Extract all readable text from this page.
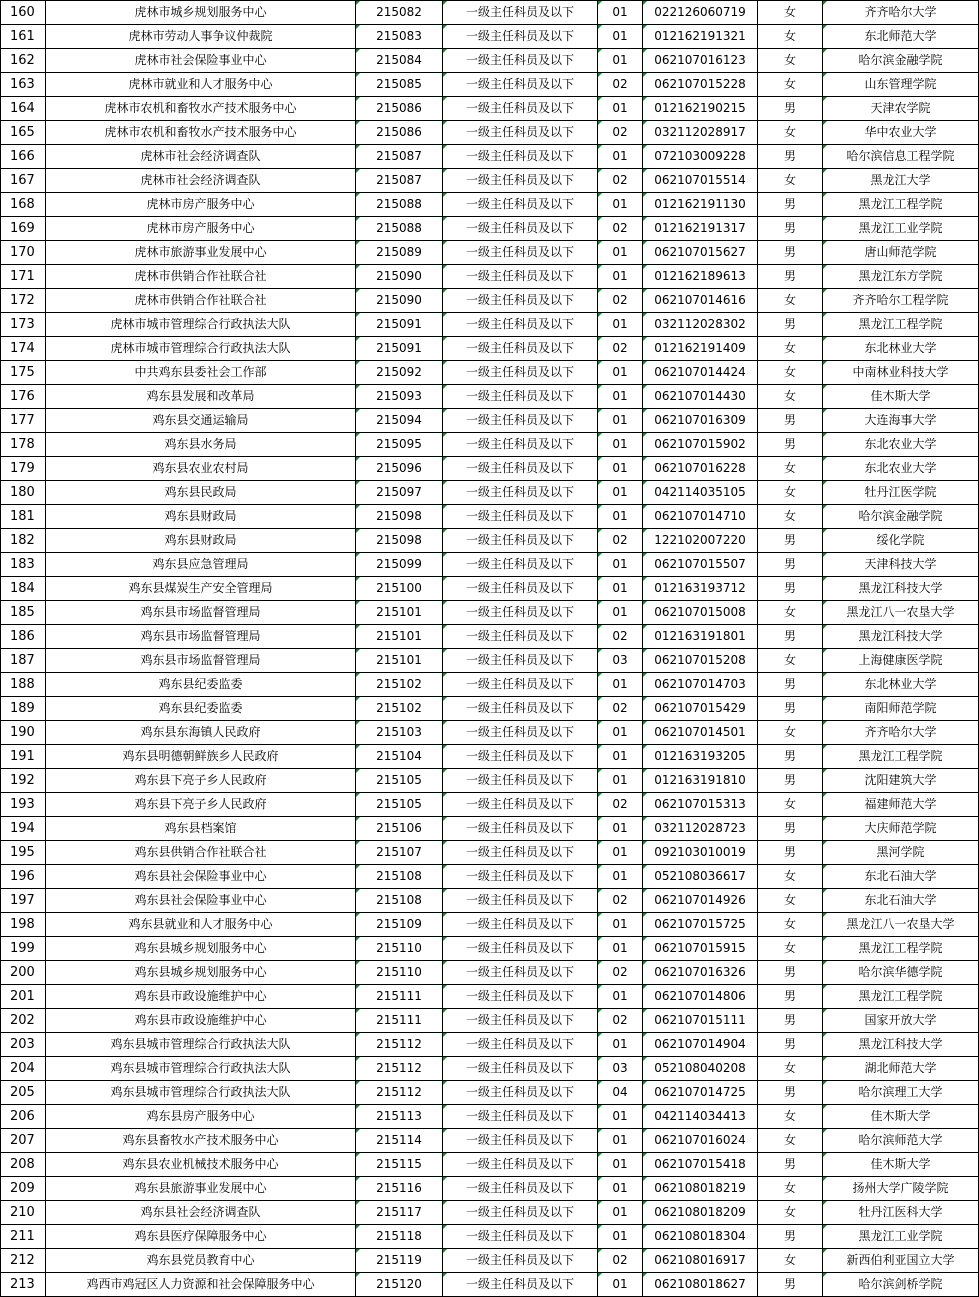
160	虎林市城乡规划服务中心	215082	一级主任科员及以下	01	022126060719	女	齐齐哈尔大学
161	虎林市劳动人事争议仲裁院	215083	一级主任科员及以下	01	012162191321	女	东北师范大学
162	虎林市社会保险事业中心	215084	一级主任科员及以下	01	062107016123	女	哈尔滨金融学院
163	虎林市就业和人才服务中心	215085	一级主任科员及以下	02	062107015228	女	山东管理学院
164	虎林市农机和畜牧水产技术服务中心	215086	一级主任科员及以下	01	012162190215	男	天津农学院
165	虎林市农机和畜牧水产技术服务中心	215086	一级主任科员及以下	02	032112028917	女	华中农业大学
166	虎林市社会经济调查队	215087	一级主任科员及以下	01	072103009228	男	哈尔滨信息工程学院
167	虎林市社会经济调查队	215087	一级主任科员及以下	02	062107015514	女	黑龙江大学
168	虎林市房产服务中心	215088	一级主任科员及以下	01	012162191130	男	黑龙江工程学院
169	虎林市房产服务中心	215088	一级主任科员及以下	02	012162191317	男	黑龙江工业学院
170	虎林市旅游事业发展中心	215089	一级主任科员及以下	01	062107015627	男	唐山师范学院
171	虎林市供销合作社联合社	215090	一级主任科员及以下	01	012162189613	男	黑龙江东方学院
172	虎林市供销合作社联合社	215090	一级主任科员及以下	02	062107014616	女	齐齐哈尔工程学院
173	虎林市城市管理综合行政执法大队	215091	一级主任科员及以下	01	032112028302	男	黑龙江工程学院
174	虎林市城市管理综合行政执法大队	215091	一级主任科员及以下	02	012162191409	女	东北林业大学
175	中共鸡东县委社会工作部	215092	一级主任科员及以下	01	062107014424	女	中南林业科技大学
176	鸡东县发展和改革局	215093	一级主任科员及以下	01	062107014430	女	佳木斯大学
177	鸡东县交通运输局	215094	一级主任科员及以下	01	062107016309	男	大连海事大学
178	鸡东县水务局	215095	一级主任科员及以下	01	062107015902	男	东北农业大学
179	鸡东县农业农村局	215096	一级主任科员及以下	01	062107016228	女	东北农业大学
180	鸡东县民政局	215097	一级主任科员及以下	01	042114035105	女	牡丹江医学院
181	鸡东县财政局	215098	一级主任科员及以下	01	062107014710	女	哈尔滨金融学院
182	鸡东县财政局	215098	一级主任科员及以下	02	122102007220	男	绥化学院
183	鸡东县应急管理局	215099	一级主任科员及以下	01	062107015507	男	天津科技大学
184	鸡东县煤炭生产安全管理局	215100	一级主任科员及以下	01	012163193712	男	黑龙江科技大学
185	鸡东县市场监督管理局	215101	一级主任科员及以下	01	062107015008	女	黑龙江八一农垦大学
186	鸡东县市场监督管理局	215101	一级主任科员及以下	02	012163191801	男	黑龙江科技大学
187	鸡东县市场监督管理局	215101	一级主任科员及以下	03	062107015208	女	上海健康医学院
188	鸡东县纪委监委	215102	一级主任科员及以下	01	062107014703	男	东北林业大学
189	鸡东县纪委监委	215102	一级主任科员及以下	02	062107015429	男	南阳师范学院
190	鸡东县东海镇人民政府	215103	一级主任科员及以下	01	062107014501	女	齐齐哈尔大学
191	鸡东县明德朝鲜族乡人民政府	215104	一级主任科员及以下	01	012163193205	男	黑龙江工程学院
192	鸡东县下亮子乡人民政府	215105	一级主任科员及以下	01	012163191810	男	沈阳建筑大学
193	鸡东县下亮子乡人民政府	215105	一级主任科员及以下	02	062107015313	女	福建师范大学
194	鸡东县档案馆	215106	一级主任科员及以下	01	032112028723	男	大庆师范学院
195	鸡东县供销合作社联合社	215107	一级主任科员及以下	01	092103010019	男	黑河学院
196	鸡东县社会保险事业中心	215108	一级主任科员及以下	01	052108036617	女	东北石油大学
197	鸡东县社会保险事业中心	215108	一级主任科员及以下	02	062107014926	女	东北石油大学
198	鸡东县就业和人才服务中心	215109	一级主任科员及以下	01	062107015725	女	黑龙江八一农垦大学
199	鸡东县城乡规划服务中心	215110	一级主任科员及以下	01	062107015915	女	黑龙江工程学院
200	鸡东县城乡规划服务中心	215110	一级主任科员及以下	02	062107016326	男	哈尔滨华德学院
201	鸡东县市政设施维护中心	215111	一级主任科员及以下	01	062107014806	男	黑龙江工程学院
202	鸡东县市政设施维护中心	215111	一级主任科员及以下	02	062107015111	男	国家开放大学
203	鸡东县城市管理综合行政执法大队	215112	一级主任科员及以下	01	062107014904	男	黑龙江科技大学
204	鸡东县城市管理综合行政执法大队	215112	一级主任科员及以下	03	052108040208	女	湖北师范大学
205	鸡东县城市管理综合行政执法大队	215112	一级主任科员及以下	04	062107014725	男	哈尔滨理工大学
206	鸡东县房产服务中心	215113	一级主任科员及以下	01	042114034413	女	佳木斯大学
207	鸡东县畜牧水产技术服务中心	215114	一级主任科员及以下	01	062107016024	女	哈尔滨师范大学
208	鸡东县农业机械技术服务中心	215115	一级主任科员及以下	01	062107015418	男	佳木斯大学
209	鸡东县旅游事业发展中心	215116	一级主任科员及以下	01	062108018219	女	扬州大学广陵学院
210	鸡东县社会经济调查队	215117	一级主任科员及以下	01	062108018209	女	牡丹江医科大学
211	鸡东县医疗保障服务中心	215118	一级主任科员及以下	01	062108018304	男	黑龙江工业学院
212	鸡东县党员教育中心	215119	一级主任科员及以下	02	062108016917	女	新西伯利亚国立大学
213	鸡西市鸡冠区人力资源和社会保障服务中心	215120	一级主任科员及以下	01	062108018627	男	哈尔滨剑桥学院
